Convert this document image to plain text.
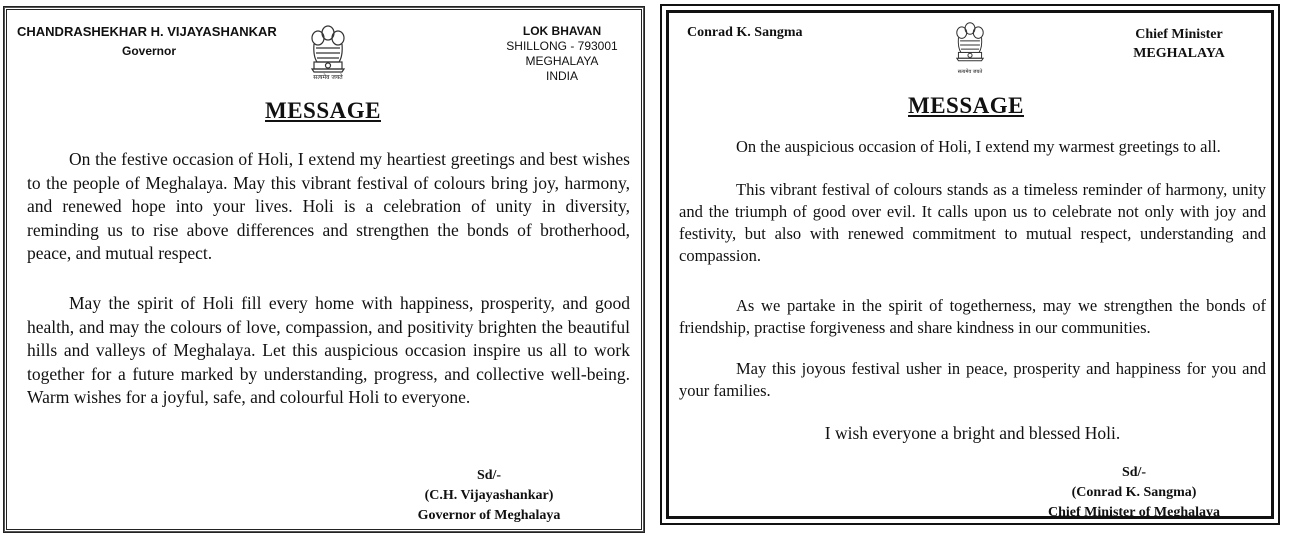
CHANDRASHEKHAR H. VIJAYASHANKAR
Governor
सत्यमेव जयते
LOK BHAVAN
SHILLONG - 793001
MEGHALAYA
INDIA
MESSAGE

On the festive occasion of Holi, I extend my heartiest greetings and best wishes to the people of Meghalaya. May this vibrant festival of colours bring joy, harmony, and renewed hope into your lives. Holi is a celebration of unity in diversity, reminding us to rise above differences and strengthen the bonds of brotherhood, peace, and mutual respect.

May the spirit of Holi fill every home with happiness, prosperity, and good health, and may the colours of love, compassion, and positivity brighten the beautiful hills and valleys of Meghalaya. Let this auspicious occasion inspire us all to work together for a future marked by understanding, progress, and collective well-being. Warm wishes for a joyful, safe, and colourful Holi to everyone.

Sd/-
(C.H. Vijayashankar)
Governor of Meghalaya
Conrad K. Sangma
सत्यमेव जयते
Chief Minister
MEGHALAYA
MESSAGE

On the auspicious occasion of Holi, I extend my warmest greetings to all.

This vibrant festival of colours stands as a timeless reminder of harmony, unity and the triumph of good over evil. It calls upon us to celebrate not only with joy and festivity, but also with renewed commitment to mutual respect, understanding and compassion.

As we partake in the spirit of togetherness, may we strengthen the bonds of friendship, practise forgiveness and share kindness in our communities.

May this joyous festival usher in peace, prosperity and happiness for you and your families.

I wish everyone a bright and blessed Holi.
Sd/-
(Conrad K. Sangma)
Chief Minister of Meghalaya
